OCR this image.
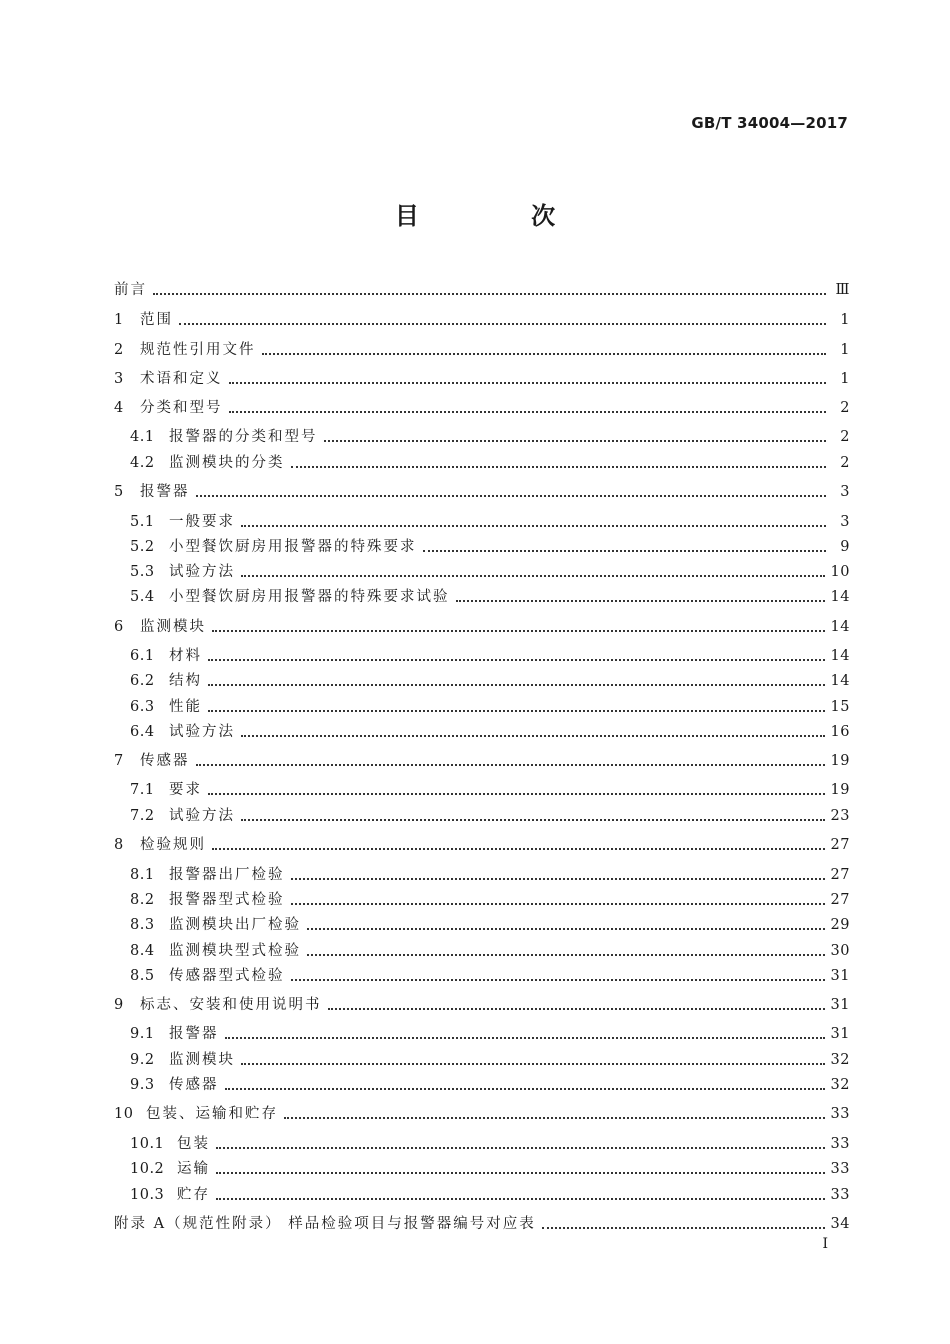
GB/T 34004—2017
目 次
前言	Ⅲ
1	范围	1
2	规范性引用文件	1
3	术语和定义	1
4	分类和型号	2
4.1 报警器的分类和型号	2
4.2 监测模块的分类	2
5	报警器	3
5.1 一般要求	3
5.2 小型餐饮厨房用报警器的特殊要求	9
5.3 试验方法	10
5.4 小型餐饮厨房用报警器的特殊要求试验	14
6	监测模块	14
6.1 材料	14
6.2 结构	14
6.3 性能	15
6.4 试验方法	16
7	传感器	19
7.1 要求	19
7.2 试验方法	23
8	检验规则	27
8.1 报警器出厂检验	27
8.2 报警器型式检验	27
8.3 监测模块出厂检验	29
8.4 监测模块型式检验	30
8.5 传感器型式检验	31
9	标志、安装和使用说明书	31
9.1 报警器	31
9.2 监测模块	32
9.3 传感器	32
10 包装、运输和贮存	33
10.1 包装	33
10.2 运输	33
10.3 贮存	33
附录 A（规范性附录） 样品检验项目与报警器编号对应表	34
I
